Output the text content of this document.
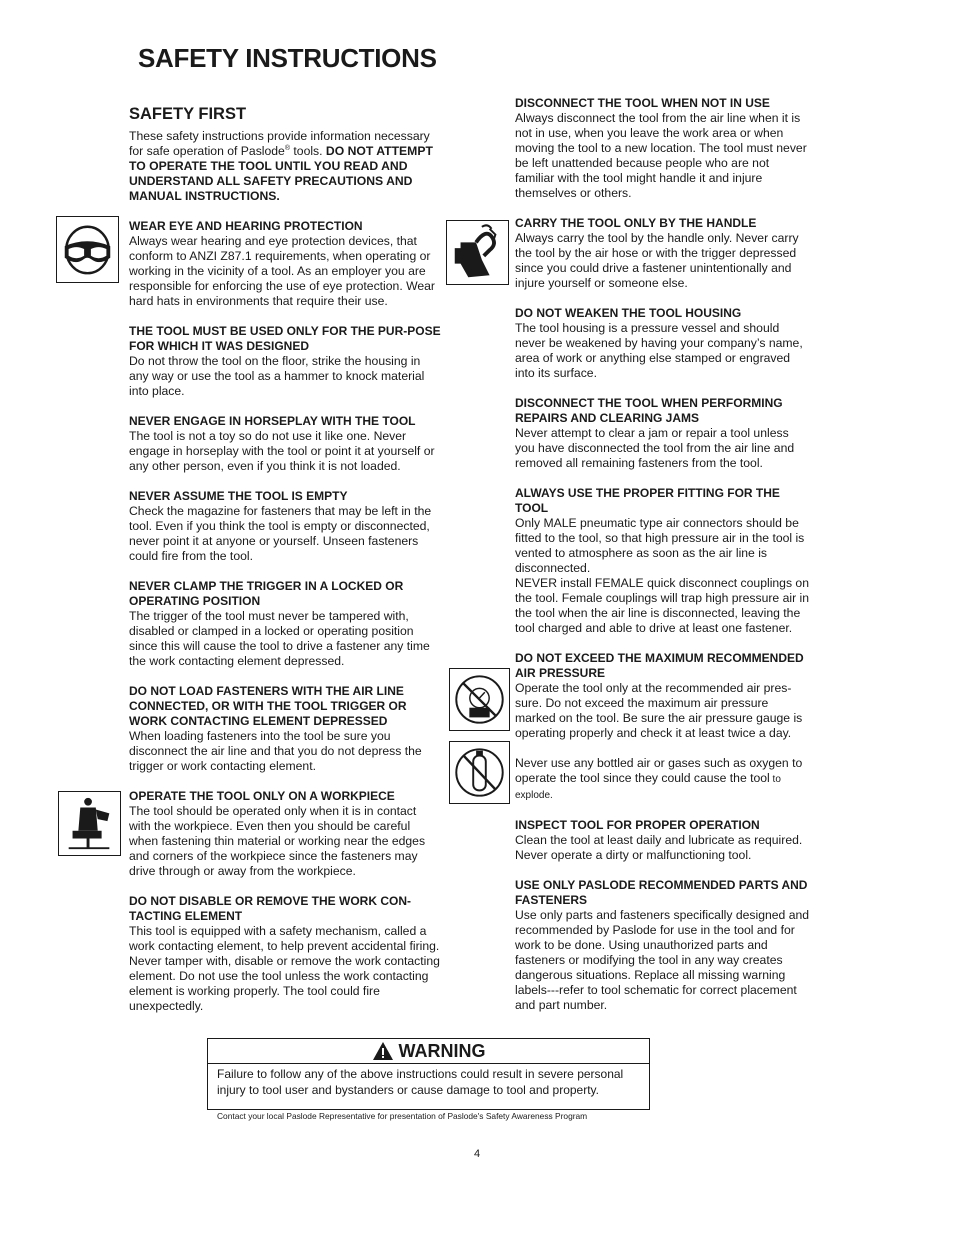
SAFETY INSTRUCTIONS
SAFETY FIRST
These safety instructions provide information necessary for safe operation of Paslode® tools. DO NOT ATTEMPT TO OPERATE THE TOOL UNTIL YOU READ AND UNDERSTAND ALL SAFETY PRECAUTIONS AND MANUAL INSTRUCTIONS.
WEAR EYE AND HEARING PROTECTION
Always wear hearing and eye protection devices, that conform to ANZI Z87.1 requirements, when operating or working in the vicinity of a tool. As an employer you are responsible for enforcing the use of eye protection. Wear hard hats in environments that require their use.
THE TOOL MUST BE USED ONLY FOR THE PUR-POSE FOR WHICH IT WAS DESIGNED
Do not throw the tool on the floor, strike the housing in any way or use the tool as a hammer to knock material into place.
NEVER ENGAGE IN HORSEPLAY WITH THE TOOL
The tool is not a toy so do not use it like one. Never engage in horseplay with the tool or point it at yourself or any other person, even if you think it is not loaded.
NEVER ASSUME THE TOOL IS EMPTY
Check the magazine for fasteners that may be left in the tool. Even if you think the tool is empty or disconnected, never point it at anyone or yourself. Unseen fasteners could fire from the tool.
NEVER CLAMP THE TRIGGER IN A LOCKED OR OPERATING POSITION
The trigger of the tool must never be tampered with, disabled or clamped in a locked or operating position since this will cause the tool to drive a fastener any time the work contacting element depressed.
DO NOT LOAD FASTENERS WITH THE AIR LINE CONNECTED, OR WITH THE TOOL TRIGGER OR WORK CONTACTING ELEMENT DEPRESSED
When loading fasteners into the tool be sure you disconnect the air line and that you do not depress the trigger or work contacting element.
OPERATE THE TOOL ONLY ON A WORKPIECE
The tool should be operated only when it is in contact with the workpiece. Even then you should be careful when fastening thin material or working near the edges and corners of the workpiece since the fasteners may drive through or away from the workpiece.
DO NOT DISABLE OR REMOVE THE WORK CON-TACTING ELEMENT
This tool is equipped with a safety mechanism, called a work contacting element, to help prevent accidental firing. Never tamper with, disable or remove the work contacting element. Do not use the tool unless the work contacting element is working properly. The tool could fire unexpectedly.
DISCONNECT THE TOOL WHEN NOT IN USE
Always disconnect the tool from the air line when it is not in use, when you leave the work area or when moving the tool to a new location. The tool must never be left unattended because people who are not familiar with the tool might handle it and injure themselves or others.
CARRY THE TOOL ONLY BY THE HANDLE
Always carry the tool by the handle only. Never carry the tool by the air hose or with the trigger depressed since you could drive a fastener unintentionally and injure yourself or someone else.
DO NOT WEAKEN THE TOOL HOUSING
The tool housing is a pressure vessel and should never be weakened by having your company’s name, area of work or anything else stamped or engraved into its surface.
DISCONNECT THE TOOL WHEN PERFORMING REPAIRS AND CLEARING JAMS
Never attempt to clear a jam or repair a tool unless you have disconnected the tool from the air line and removed all remaining fasteners from the tool.
ALWAYS USE THE PROPER FITTING FOR THE TOOL

Only MALE pneumatic type air connectors should be fitted to the tool, so that high pressure air in the tool is vented to atmosphere as soon as the air line is disconnected.

NEVER install FEMALE quick disconnect couplings on the tool. Female couplings will trap high pressure air in the tool when the air line is disconnected, leaving the tool charged and able to drive at least one fastener.

DO NOT EXCEED THE MAXIMUM RECOMMENDED AIR PRESSURE

Operate the tool only at the recommended air pres-sure. Do not exceed the maximum air pressure marked on the tool. Be sure the air pressure gauge is operating properly and check it at least twice a day.

Never use any bottled air or gases such as oxygen to operate the tool since they could cause the tool to explode.

INSPECT TOOL FOR PROPER OPERATION
Clean the tool at least daily and lubricate as required. Never operate a dirty or malfunctioning tool.
USE ONLY PASLODE RECOMMENDED PARTS AND FASTENERS
Use only parts and fasteners specifically designed and recommended by Paslode for use in the tool and for work to be done. Using unauthorized parts and fasteners or modifying the tool in any way creates dangerous situations. Replace all missing warning labels---refer to tool schematic for correct placement and part number.
WARNING
Failure to follow any of the above instructions could result in severe personal injury to tool user and bystanders or cause damage to tool and property.
Contact your local Paslode Representative for presentation of Paslode's Safety Awareness Program
4
